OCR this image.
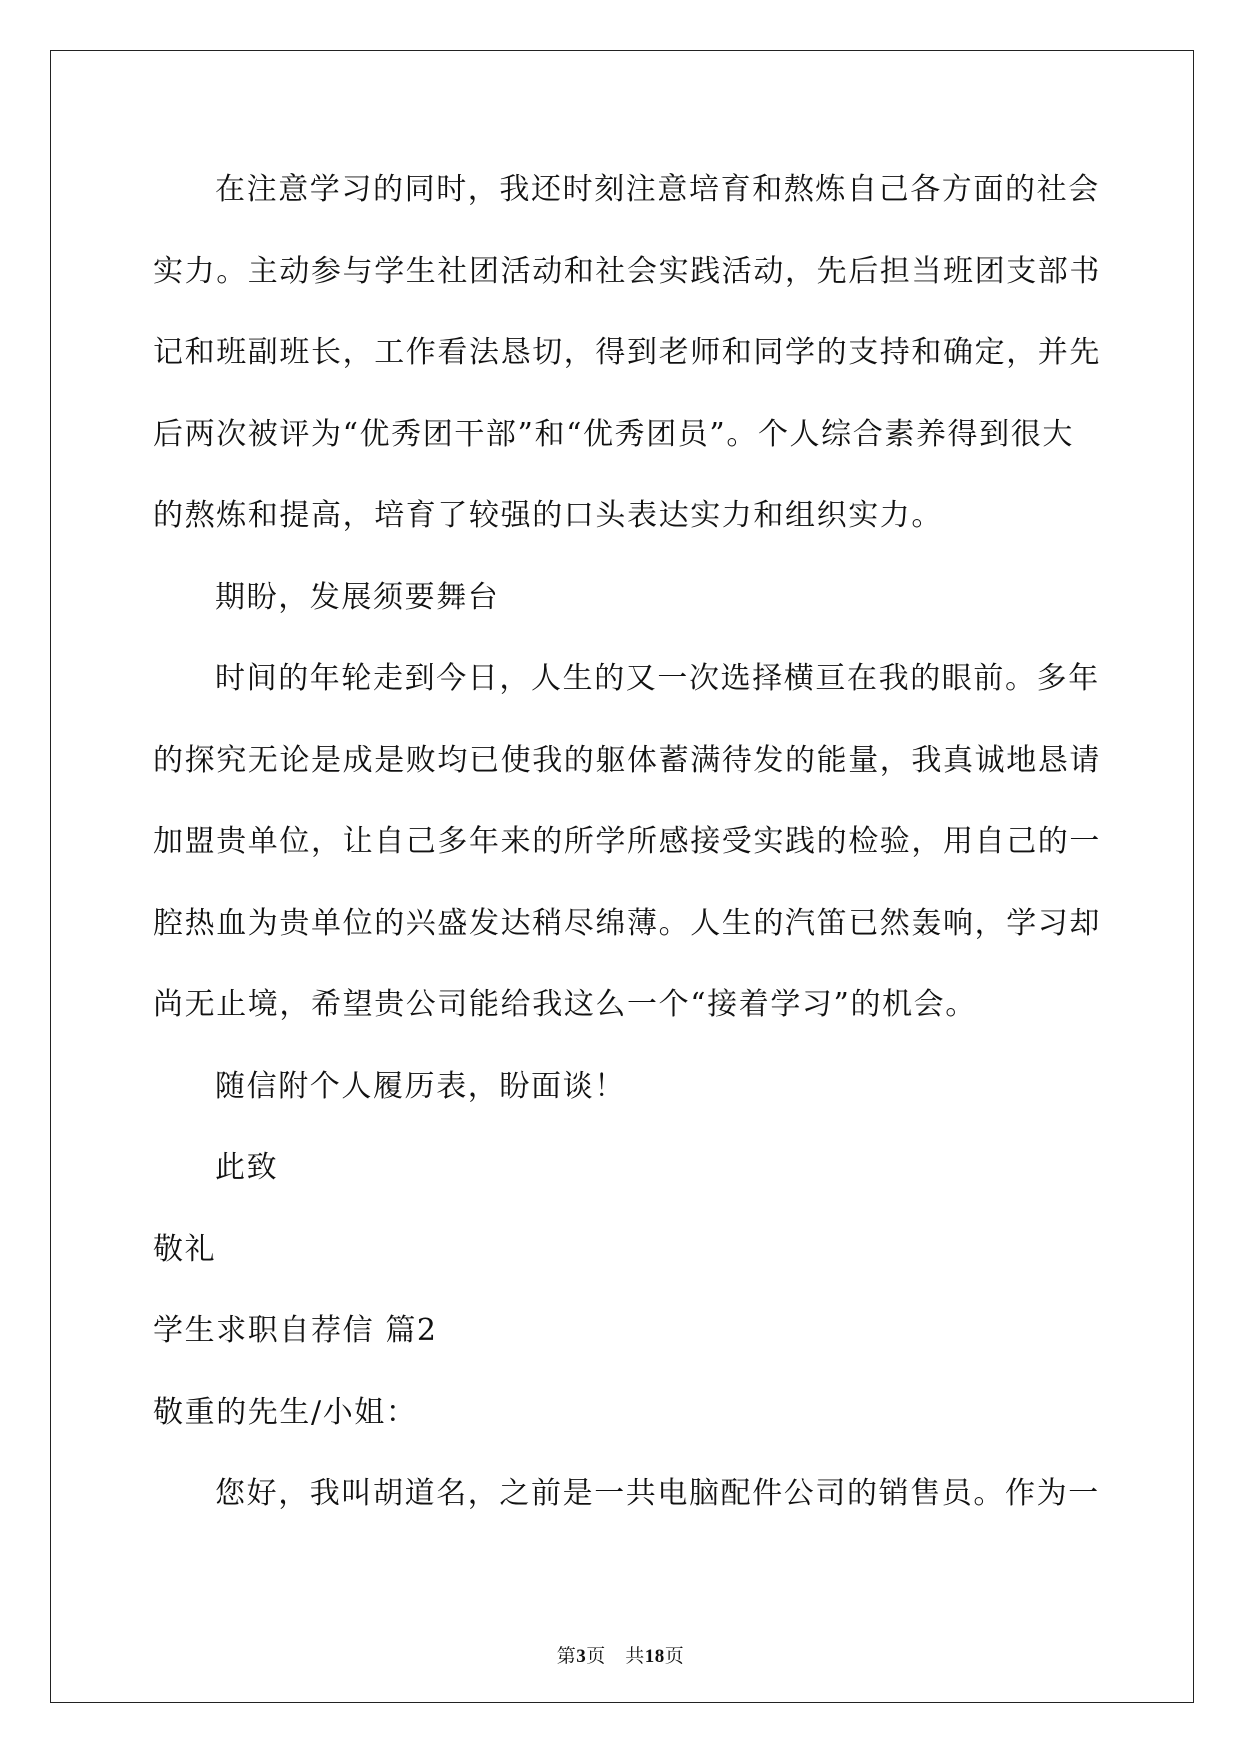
在注意学习的同时，我还时刻注意培育和熬炼自己各方面的社会
实力。主动参与学生社团活动和社会实践活动，先后担当班团支部书
记和班副班长，工作看法恳切，得到老师和同学的支持和确定，并先
后两次被评为“优秀团干部”和“优秀团员”。个人综合素养得到很大
的熬炼和提高，培育了较强的口头表达实力和组织实力。
期盼，发展须要舞台
时间的年轮走到今日，人生的又一次选择横亘在我的眼前。多年
的探究无论是成是败均已使我的躯体蓄满待发的能量，我真诚地恳请
加盟贵单位，让自己多年来的所学所感接受实践的检验，用自己的一
腔热血为贵单位的兴盛发达稍尽绵薄。人生的汽笛已然轰响，学习却
尚无止境，希望贵公司能给我这么一个“接着学习”的机会。
随信附个人履历表，盼面谈！
此致
敬礼
学生求职自荐信 篇2
敬重的先生/小姐：
您好，我叫胡道名，之前是一共电脑配件公司的销售员。作为一
第3页　共18页
